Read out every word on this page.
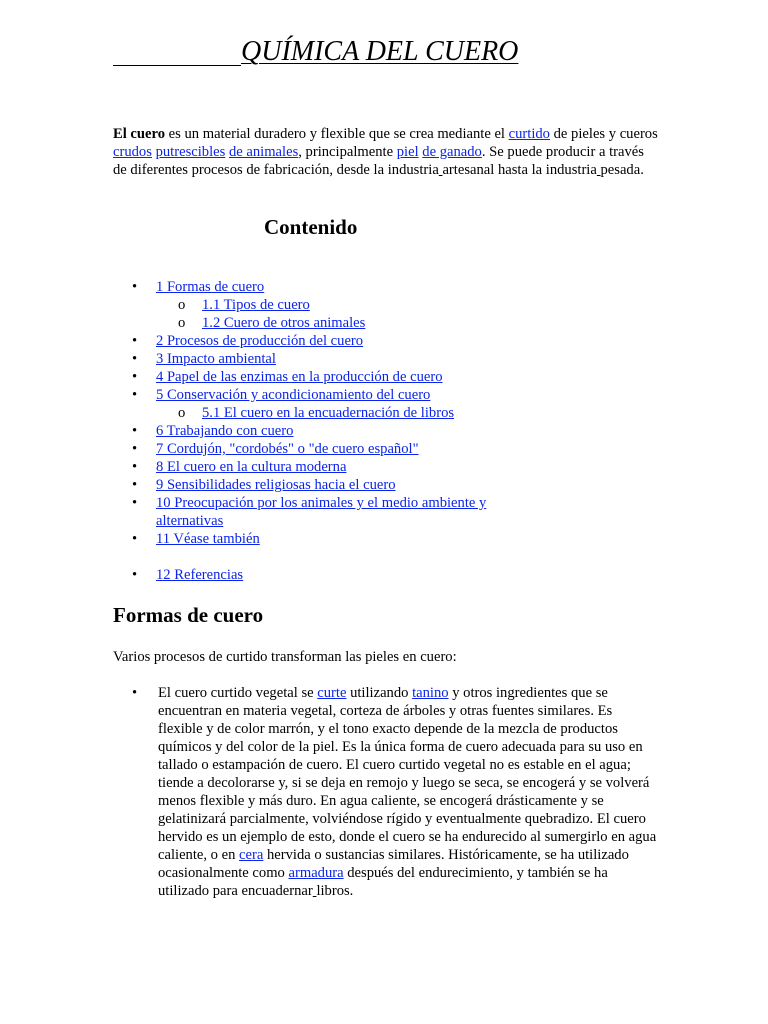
QUÍMICA DEL CUERO

El cuero es un material duradero y flexible que se crea mediante el curtido de pieles y cueros crudos putrescibles de animales, principalmente piel de ganado. Se puede producir a través de diferentes procesos de fabricación, desde la industria artesanal hasta la industria pesada.

Contenido
• 1 Formas de cuero
o 1.1 Tipos de cuero
o 1.2 Cuero de otros animales
• 2 Procesos de producción del cuero
• 3 Impacto ambiental
• 4 Papel de las enzimas en la producción de cuero
• 5 Conservación y acondicionamiento del cuero
o 5.1 El cuero en la encuadernación de libros
• 6 Trabajando con cuero
• 7 Cordujón, "cordobés" o "de cuero español"
• 8 El cuero en la cultura moderna
• 9 Sensibilidades religiosas hacia el cuero
• 10 Preocupación por los animales y el medio ambiente y alternativas
• 11 Véase también
• 12 Referencias
Formas de cuero

Varios procesos de curtido transforman las pieles en cuero:

• El cuero curtido vegetal se curte utilizando tanino y otros ingredientes que se encuentran en materia vegetal, corteza de árboles y otras fuentes similares. Es flexible y de color marrón, y el tono exacto depende de la mezcla de productos químicos y del color de la piel. Es la única forma de cuero adecuada para su uso en tallado o estampación de cuero. El cuero curtido vegetal no es estable en el agua; tiende a decolorarse y, si se deja en remojo y luego se seca, se encogerá y se volverá menos flexible y más duro. En agua caliente, se encogerá drásticamente y se gelatinizará parcialmente, volviéndose rígido y eventualmente quebradizo. El cuero hervido es un ejemplo de esto, donde el cuero se ha endurecido al sumergirlo en agua caliente, o en cera hervida o sustancias similares. Históricamente, se ha utilizado ocasionalmente como armadura después del endurecimiento, y también se ha utilizado para encuadernar libros.
